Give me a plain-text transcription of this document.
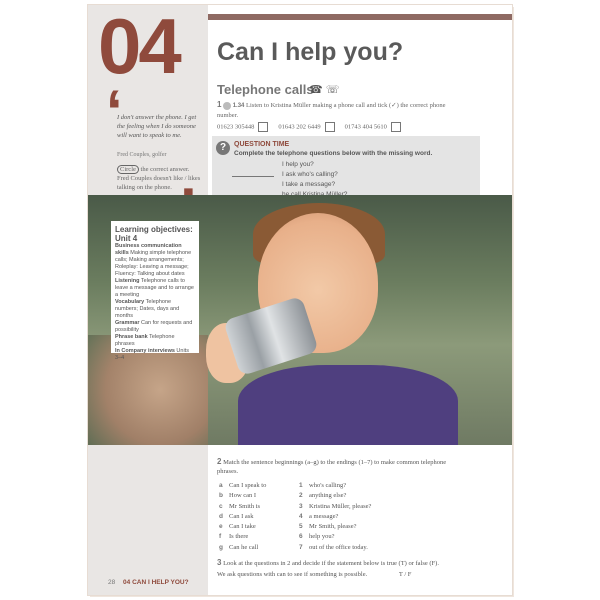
04 Can I help you?
‘
I don't answer the phone. I get the feeling when I do someone will want to speak to me.
Fred Couples, golfer
Circle the correct answer.
Fred Couples doesn't like / likes talking on the phone.
Telephone calls
☎ ☏
1 1.34 Listen to Kristina Müller making a phone call and tick (✓) the correct phone number.
01623 305448	01643 202 6449	01743 404 5610
?	QUESTION TIME
Complete the telephone questions below with the missing word.
I help you?
I ask who's calling?
I take a message?
Learning objectives: Unit 4
Business communication skills Making simple telephone calls; Making arrangements; Roleplay: Leaving a message; Fluency: Talking about dates
Listening Telephone calls to leave a message and to arrange a meeting
Vocabulary Telephone numbers; Dates, days and months
Grammar Can for requests and possibility
Phrase bank Telephone phrases
In Company interviews Units 3–4
2 Match the sentence beginnings (a–g) to the endings (1–7) to make common telephone phrases.
a Can I speak to	1 who's calling?
b How can I	2 anything else?
c Mr Smith is	3 Kristina Müller, please?
d Can I ask	4 a message?
e Can I take	5 Mr Smith, please?
f	Is there	6 help you?
g Can he call	7 out of the office today.
3 Look at the questions in 2 and decide if the statement below is true (T) or false (F).
We ask questions with can to see if something is possible.	T / F
28 04 CAN I HELP YOU?
